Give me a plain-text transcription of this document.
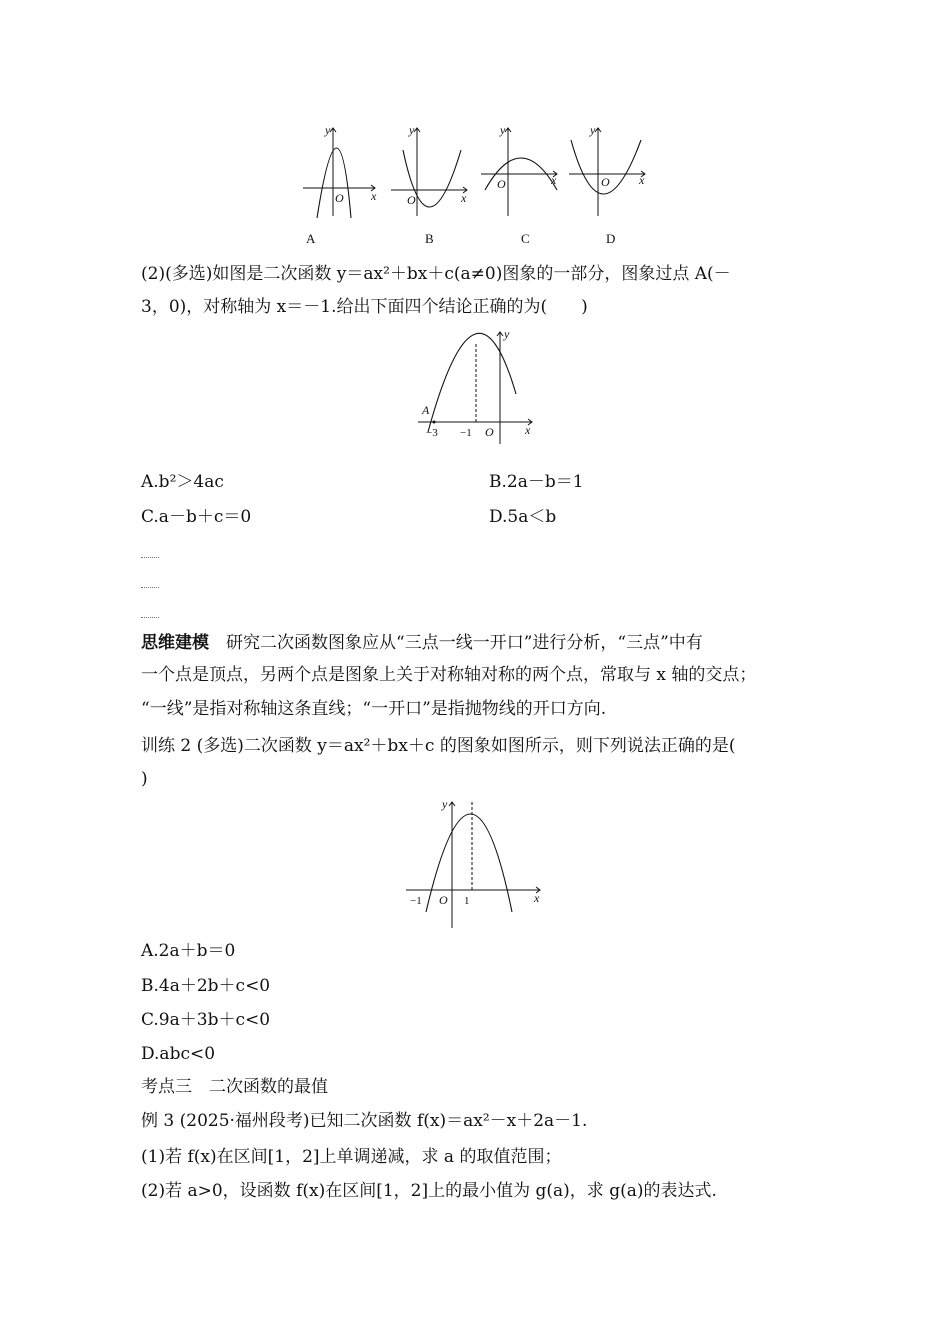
y
x
O
A
y
x
O
B
y
x
O
C
y
x
O
D
(2)(多选)如图是二次函数 y＝ax²＋bx＋c(a≠0)图象的一部分，图象过点 A(－
3，0)，对称轴为 x＝－1.给出下面四个结论正确的为(　　)
A
−3 −1 O	x
y
A.b²＞4ac	B.2a－b＝1
C.a－b＋c＝0	D.5a＜b
思维建模　 研究二次函数图象应从“三点一线一开口”进行分析，“三点”中有
一个点是顶点，另两个点是图象上关于对称轴对称的两个点，常取与 x 轴的交点；
“一线”是指对称轴这条直线；“一开口”是指抛物线的开口方向.
训练 2 (多选)二次函数 y＝ax²＋bx＋c 的图象如图所示，则下列说法正确的是(
)
−1 O 1	x
y
A.2a＋b＝0
B.4a＋2b＋c<0
C.9a＋3b＋c<0
D.abc<0
考点三　二次函数的最值
例 3 (2025·福州段考)已知二次函数 f(x)＝ax²－x＋2a－1.
(1)若 f(x)在区间[1，2]上单调递减，求 a 的取值范围；
(2)若 a>0，设函数 f(x)在区间[1，2]上的最小值为 g(a)，求 g(a)的表达式.
